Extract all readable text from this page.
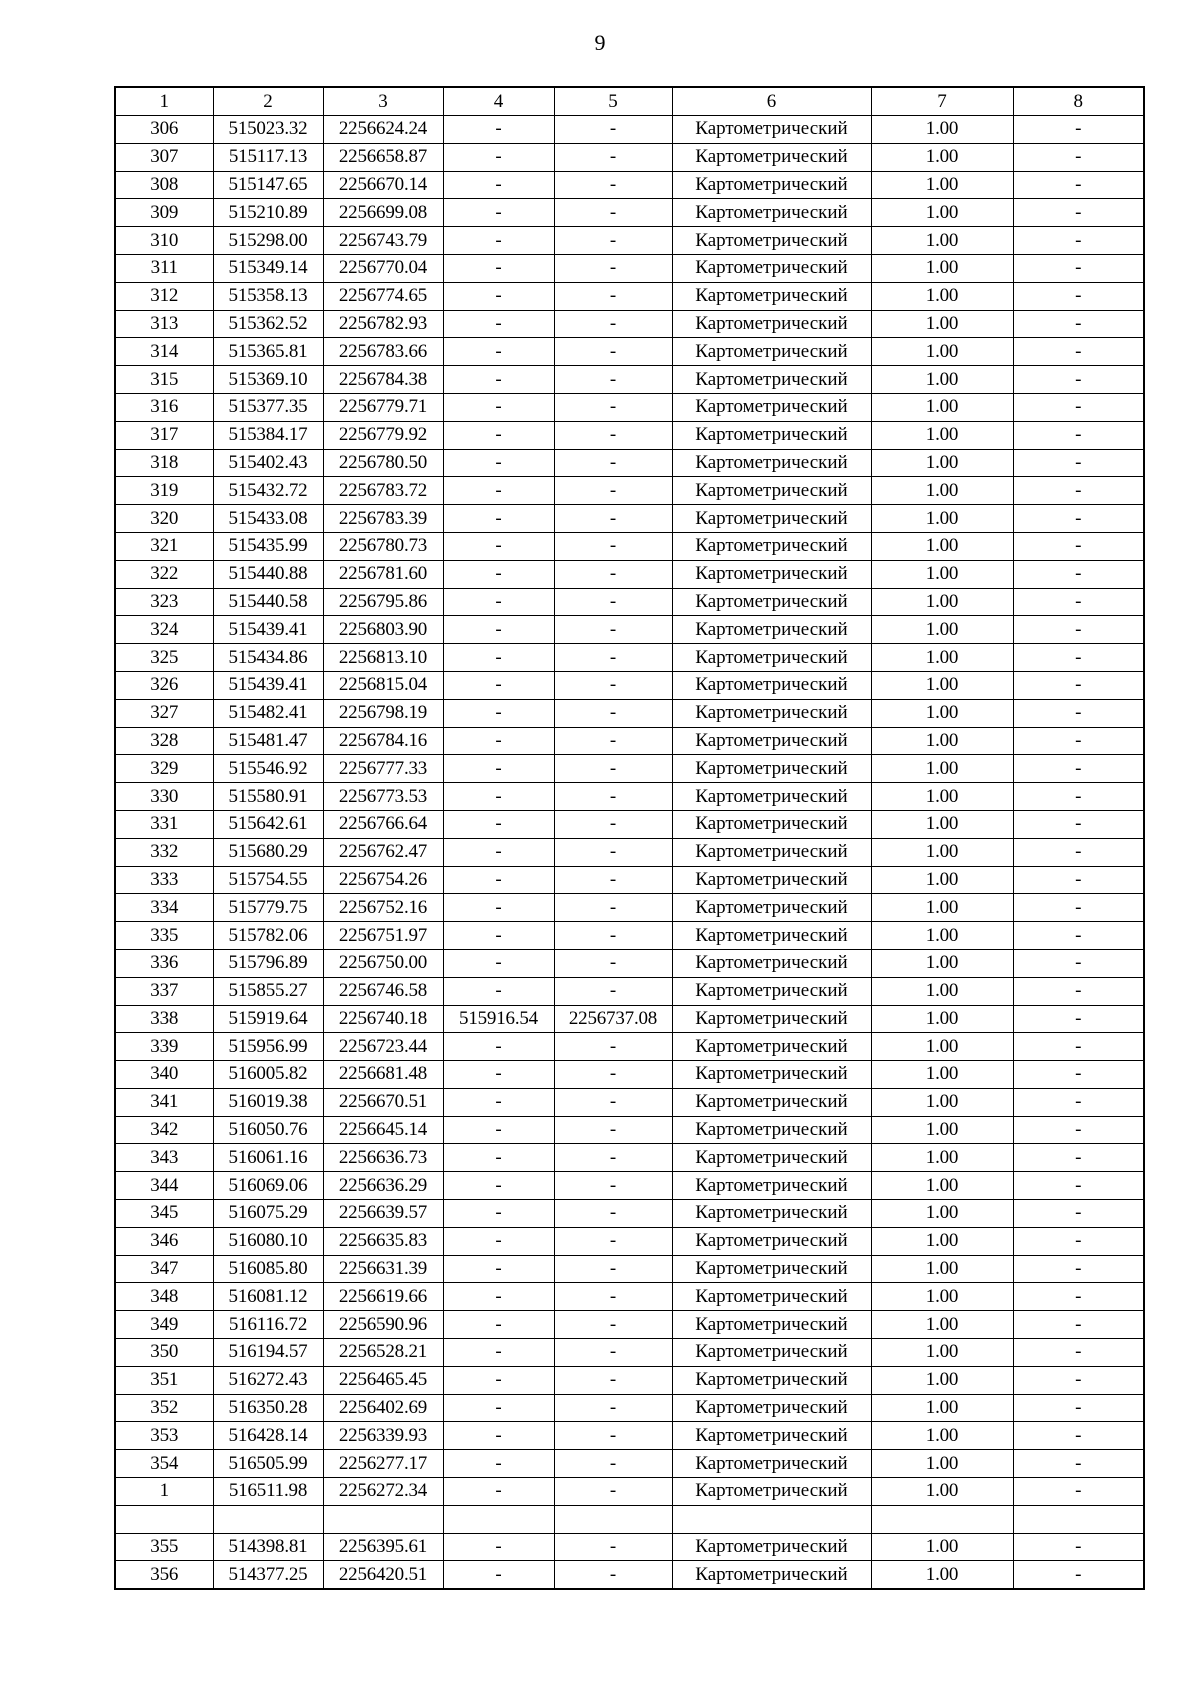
9
1	2	3	4	5	6	7	8
306	515023.32	2256624.24	-	-	Картометрический	1.00	-
307	515117.13	2256658.87	-	-	Картометрический	1.00	-
308	515147.65	2256670.14	-	-	Картометрический	1.00	-
309	515210.89	2256699.08	-	-	Картометрический	1.00	-
310	515298.00	2256743.79	-	-	Картометрический	1.00	-
311	515349.14	2256770.04	-	-	Картометрический	1.00	-
312	515358.13	2256774.65	-	-	Картометрический	1.00	-
313	515362.52	2256782.93	-	-	Картометрический	1.00	-
314	515365.81	2256783.66	-	-	Картометрический	1.00	-
315	515369.10	2256784.38	-	-	Картометрический	1.00	-
316	515377.35	2256779.71	-	-	Картометрический	1.00	-
317	515384.17	2256779.92	-	-	Картометрический	1.00	-
318	515402.43	2256780.50	-	-	Картометрический	1.00	-
319	515432.72	2256783.72	-	-	Картометрический	1.00	-
320	515433.08	2256783.39	-	-	Картометрический	1.00	-
321	515435.99	2256780.73	-	-	Картометрический	1.00	-
322	515440.88	2256781.60	-	-	Картометрический	1.00	-
323	515440.58	2256795.86	-	-	Картометрический	1.00	-
324	515439.41	2256803.90	-	-	Картометрический	1.00	-
325	515434.86	2256813.10	-	-	Картометрический	1.00	-
326	515439.41	2256815.04	-	-	Картометрический	1.00	-
327	515482.41	2256798.19	-	-	Картометрический	1.00	-
328	515481.47	2256784.16	-	-	Картометрический	1.00	-
329	515546.92	2256777.33	-	-	Картометрический	1.00	-
330	515580.91	2256773.53	-	-	Картометрический	1.00	-
331	515642.61	2256766.64	-	-	Картометрический	1.00	-
332	515680.29	2256762.47	-	-	Картометрический	1.00	-
333	515754.55	2256754.26	-	-	Картометрический	1.00	-
334	515779.75	2256752.16	-	-	Картометрический	1.00	-
335	515782.06	2256751.97	-	-	Картометрический	1.00	-
336	515796.89	2256750.00	-	-	Картометрический	1.00	-
337	515855.27	2256746.58	-	-	Картометрический	1.00	-
338	515919.64	2256740.18	515916.54	2256737.08	Картометрический	1.00	-
339	515956.99	2256723.44	-	-	Картометрический	1.00	-
340	516005.82	2256681.48	-	-	Картометрический	1.00	-
341	516019.38	2256670.51	-	-	Картометрический	1.00	-
342	516050.76	2256645.14	-	-	Картометрический	1.00	-
343	516061.16	2256636.73	-	-	Картометрический	1.00	-
344	516069.06	2256636.29	-	-	Картометрический	1.00	-
345	516075.29	2256639.57	-	-	Картометрический	1.00	-
346	516080.10	2256635.83	-	-	Картометрический	1.00	-
347	516085.80	2256631.39	-	-	Картометрический	1.00	-
348	516081.12	2256619.66	-	-	Картометрический	1.00	-
349	516116.72	2256590.96	-	-	Картометрический	1.00	-
350	516194.57	2256528.21	-	-	Картометрический	1.00	-
351	516272.43	2256465.45	-	-	Картометрический	1.00	-
352	516350.28	2256402.69	-	-	Картометрический	1.00	-
353	516428.14	2256339.93	-	-	Картометрический	1.00	-
354	516505.99	2256277.17	-	-	Картометрический	1.00	-
1	516511.98	2256272.34	-	-	Картометрический	1.00	-

355	514398.81	2256395.61	-	-	Картометрический	1.00	-
356	514377.25	2256420.51	-	-	Картометрический	1.00	-
